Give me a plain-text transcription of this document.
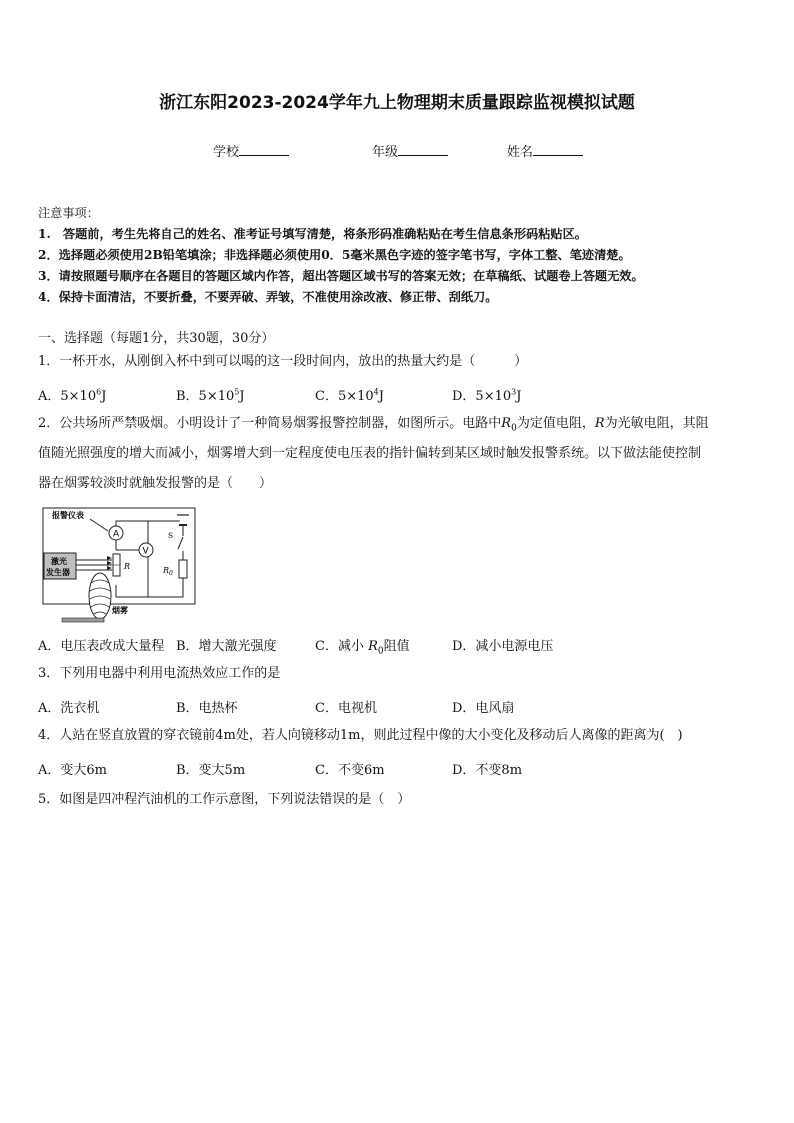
浙江东阳2023-2024学年九上物理期末质量跟踪监视模拟试题
学校	年级	姓名
注意事项：
1.　答题前，考生先将自己的姓名、准考证号填写清楚，将条形码准确粘贴在考生信息条形码粘贴区。
2．选择题必须使用2B铅笔填涂；非选择题必须使用0．5毫米黑色字迹的签字笔书写，字体工整、笔迹清楚。
3．请按照题号顺序在各题目的答题区域内作答，超出答题区域书写的答案无效；在草稿纸、试题卷上答题无效。
4．保持卡面清洁，不要折叠，不要弄破、弄皱，不准使用涂改液、修正带、刮纸刀。
一、选择题（每题1分，共30题，30分）
1．一杯开水，从刚倒入杯中到可以喝的这一段时间内，放出的热量大约是（　　　）
A．$5\times 10^6J$	B．$5\times 10^5J$	C．$5\times 10^4J$	D．$5\times 10^3J$
2．公共场所严禁吸烟。小明设计了一种简易烟雾报警控制器，如图所示。电路中$R_0$为定值电阻，R为光敏电阻，其阻
值随光照强度的增大而减小，烟雾增大到一定程度使电压表的指针偏转到某区域时触发报警系统。以下做法能使控制
器在烟雾较淡时就触发报警的是（　　）
A
V
S
$R_0$
R
激光
发生器
报警仪表
烟雾
A．电压表改成大量程 B．增大激光强度	C．减小 $R_0$阻值	D．减小电源电压
3．下列用电器中利用电流热效应工作的是
A．洗衣机	B．电热杯	C．电视机	D．电风扇
4．人站在竖直放置的穿衣镜前4m处，若人向镜移动1m，则此过程中像的大小变化及移动后人离像的距离为(　)
A．变大6m	B．变大5m	C．不变6m	D．不变8m
5．如图是四冲程汽油机的工作示意图，下列说法错误的是（　）
